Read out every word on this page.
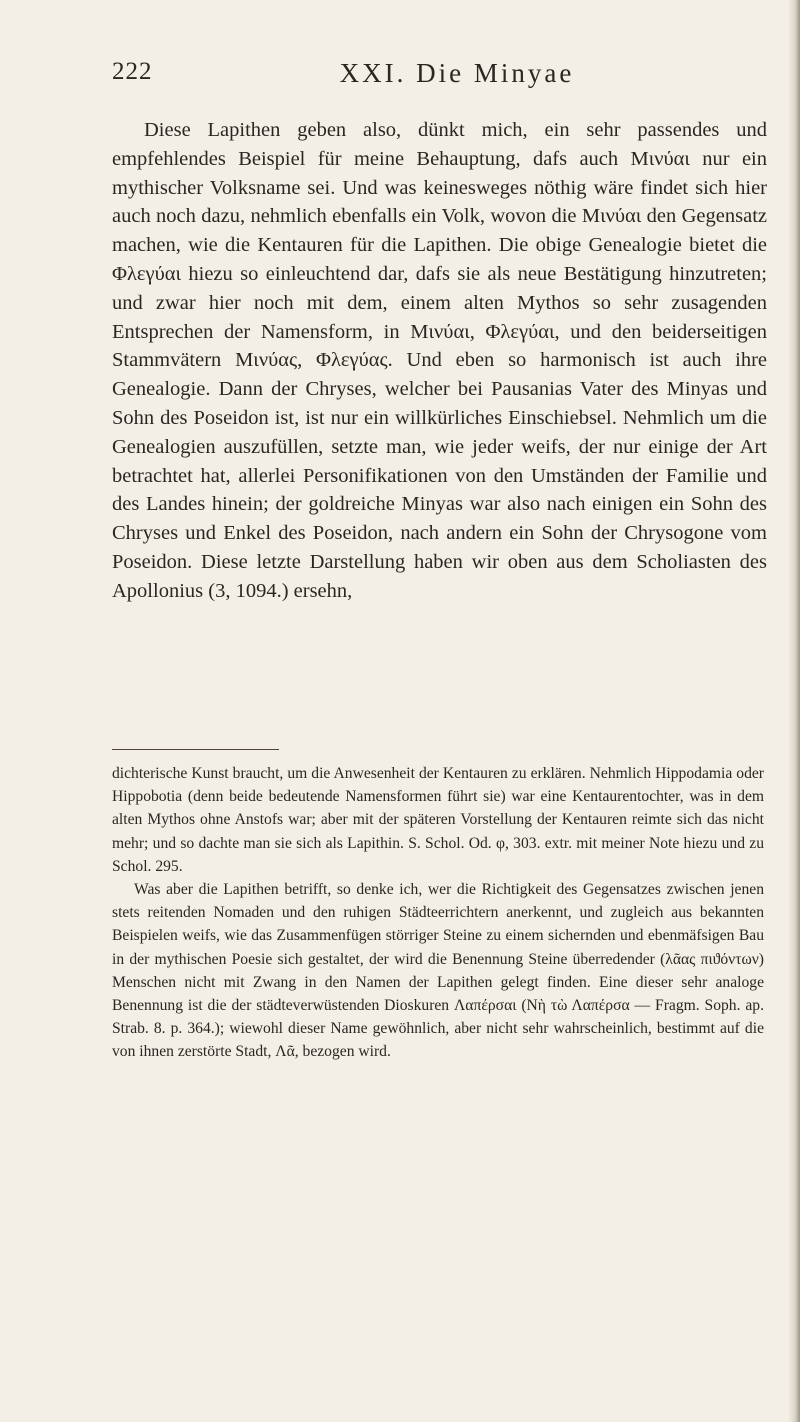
222	XXI. Die Minyae

Diese Lapithen geben also, dünkt mich, ein sehr passendes und empfehlendes Beispiel für meine Behauptung, dafs auch Μινύαι nur ein mythischer Volksname sei. Und was keinesweges nöthig wäre findet sich hier auch noch dazu, nehmlich ebenfalls ein Volk, wovon die Μινύαι den Gegensatz machen, wie die Kentauren für die Lapithen. Die obige Genealogie bietet die Φλεγύαι hiezu so einleuchtend dar, dafs sie als neue Bestätigung hinzutreten; und zwar hier noch mit dem, einem alten Mythos so sehr zusagenden Entsprechen der Namensform, in Μινύαι, Φλεγύαι, und den beiderseitigen Stammvätern Μινύας, Φλεγύας. Und eben so harmonisch ist auch ihre Genealogie. Dann der Chryses, welcher bei Pausanias Vater des Minyas und Sohn des Poseidon ist, ist nur ein willkürliches Einschiebsel. Nehmlich um die Genealogien auszufüllen, setzte man, wie jeder weifs, der nur einige der Art betrachtet hat, allerlei Personifikationen von den Umständen der Familie und des Landes hinein; der goldreiche Minyas war also nach einigen ein Sohn des Chryses und Enkel des Poseidon, nach andern ein Sohn der Chrysogone vom Poseidon. Diese letzte Darstellung haben wir oben aus dem Scholiasten des Apollonius (3, 1094.) ersehn,

dichterische Kunst braucht, um die Anwesenheit der Kentauren zu erklären. Nehmlich Hippodamia oder Hippobotia (denn beide bedeutende Namensformen führt sie) war eine Kentaurentochter, was in dem alten Mythos ohne Anstofs war; aber mit der späteren Vorstellung der Kentauren reimte sich das nicht mehr; und so dachte man sie sich als Lapithin. S. Schol. Od. φ, 303. extr. mit meiner Note hiezu und zu Schol. 295.

Was aber die Lapithen betrifft, so denke ich, wer die Richtigkeit des Gegensatzes zwischen jenen stets reitenden Nomaden und den ruhigen Städteerrichtern anerkennt, und zugleich aus bekannten Beispielen weifs, wie das Zusammenfügen störriger Steine zu einem sichernden und ebenmäfsigen Bau in der mythischen Poesie sich gestaltet, der wird die Benennung Steine überredender (λᾶας πιϑόντων) Menschen nicht mit Zwang in den Namen der Lapithen gelegt finden. Eine dieser sehr analoge Benennung ist die der städteverwüstenden Dioskuren Λαπέρσαι (Νὴ τὼ Λαπέρσα — Fragm. Soph. ap. Strab. 8. p. 364.); wiewohl dieser Name gewöhnlich, aber nicht sehr wahrscheinlich, bestimmt auf die von ihnen zerstörte Stadt, Λᾶ, bezogen wird.
